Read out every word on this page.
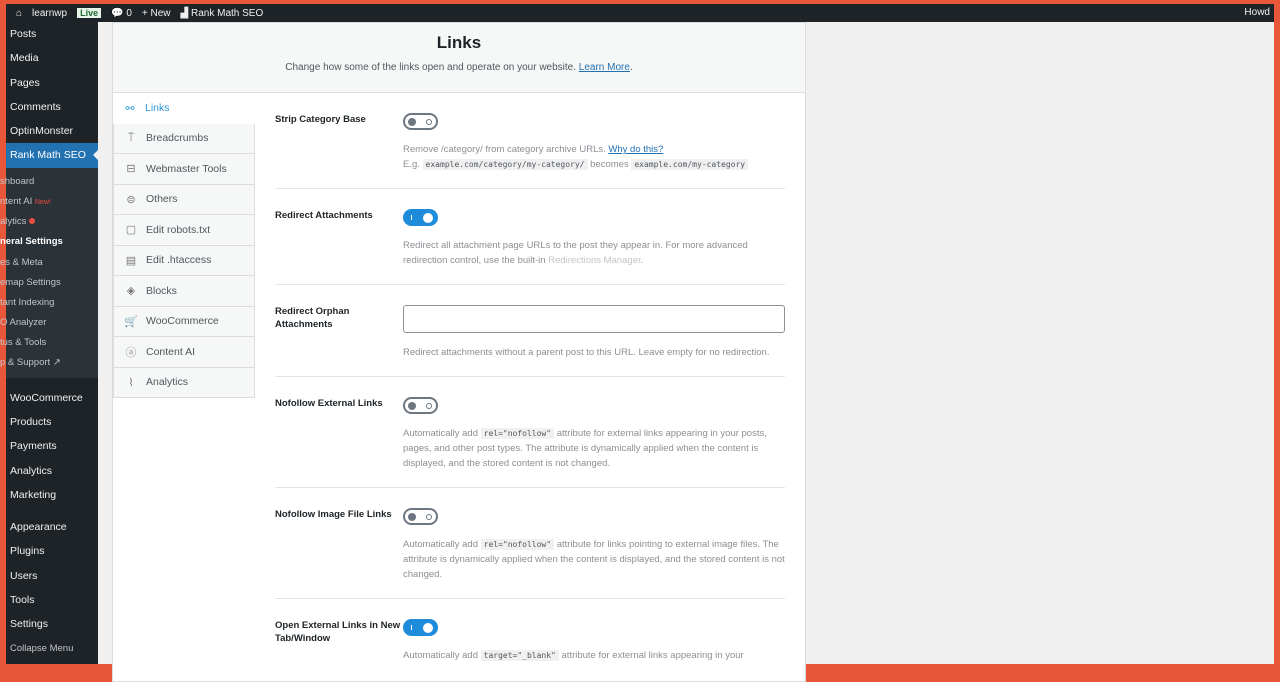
⌂ learnwp	Live	💬 0 + New ▟ Rank Math SEO	Howd
Posts
Media
Pages
Comments
OptinMonster
Rank Math SEO
shboard
ntent AI New!
alytics
neral Settings
es & Meta
emap Settings
tant Indexing
O Analyzer
tus & Tools
p & Support ↗
WooCommerce
Products
Payments
Analytics
Marketing
Appearance
Plugins
Users
Tools
Settings
Collapse Menu
Links

Change how some of the links open and operate on your website. Learn More.

⚯ Links
⍑	Breadcrumbs
⊟ Webmaster Tools
⊜ Others
▢ Edit robots.txt
▤ Edit .htaccess
◈ Blocks
🛒 WooCommerce
ⓐ Content AI
⌇	Analytics
Strip Category Base
Remove /category/ from category archive URLs. Why do this?
E.g. example.com/category/my-category/ becomes example.com/my-category
Redirect Attachments
Redirect all attachment page URLs to the post they appear in. For more advanced redirection control, use the built-in Redirections Manager.
Redirect Orphan Attachments
Redirect attachments without a parent post to this URL. Leave empty for no redirection.
Nofollow External Links
Automatically add rel="nofollow" attribute for external links appearing in your posts, pages, and other post types. The attribute is dynamically applied when the content is displayed, and the stored content is not changed.
Nofollow Image File Links
Automatically add rel="nofollow" attribute for links pointing to external image files. The attribute is dynamically applied when the content is displayed, and the stored content is not changed.
Open External Links in New Tab/Window
Automatically add target="_blank" attribute for external links appearing in your
